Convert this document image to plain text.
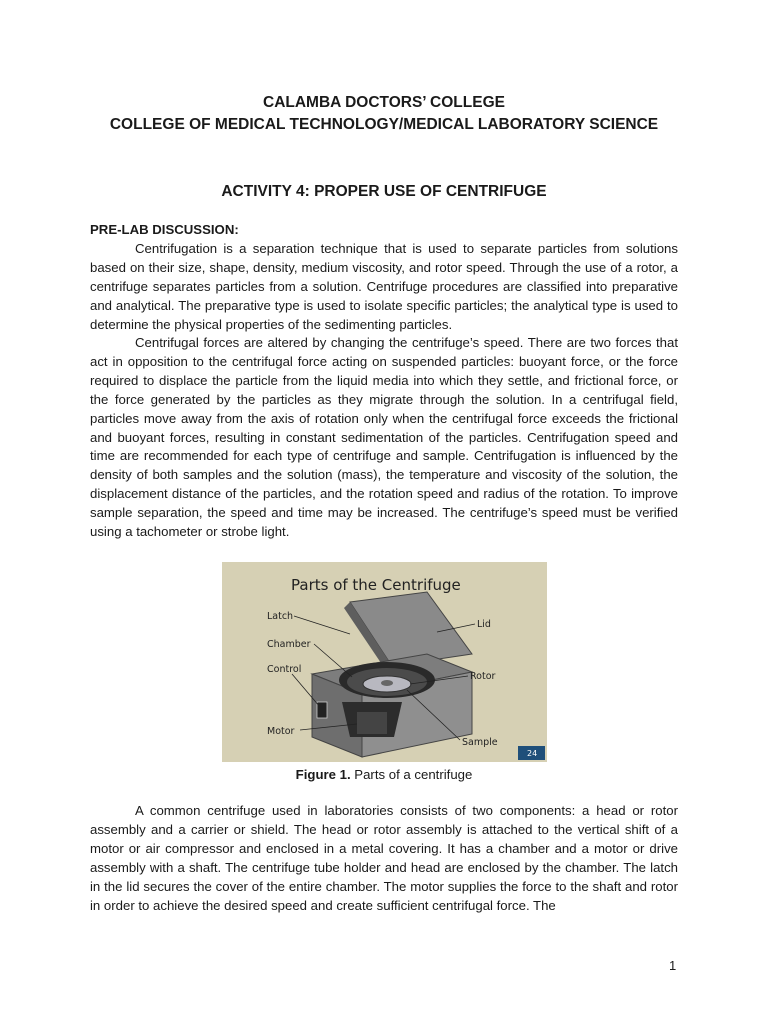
CALAMBA DOCTORS’ COLLEGE
COLLEGE OF MEDICAL TECHNOLOGY/MEDICAL LABORATORY SCIENCE
ACTIVITY 4: PROPER USE OF CENTRIFUGE
PRE-LAB DISCUSSION:

Centrifugation is a separation technique that is used to separate particles from solutions based on their size, shape, density, medium viscosity, and rotor speed. Through the use of a rotor, a centrifuge separates particles from a solution. Centrifuge procedures are classified into preparative and analytical. The preparative type is used to isolate specific particles; the analytical type is used to determine the physical properties of the sedimenting particles.

Centrifugal forces are altered by changing the centrifuge’s speed. There are two forces that act in opposition to the centrifugal force acting on suspended particles: buoyant force, or the force required to displace the particle from the liquid media into which they settle, and frictional force, or the force generated by the particles as they migrate through the solution. In a centrifugal field, particles move away from the axis of rotation only when the centrifugal force exceeds the frictional and buoyant forces, resulting in constant sedimentation of the particles. Centrifugation speed and time are recommended for each type of centrifuge and sample. Centrifugation is influenced by the density of both samples and the solution (mass), the temperature and viscosity of the solution, the displacement distance of the particles, and the rotation speed and radius of the rotation. To improve sample separation, the speed and time may be increased. The centrifuge’s speed must be verified using a tachometer or strobe light.

Parts of the Centrifuge
Latch
Chamber
Control
Motor
Lid
Rotor
Sample
24
Figure 1. Parts of a centrifuge

A common centrifuge used in laboratories consists of two components: a head or rotor assembly and a carrier or shield. The head or rotor assembly is attached to the vertical shift of a motor or air compressor and enclosed in a metal covering. It has a chamber and a motor or drive assembly with a shaft. The centrifuge tube holder and head are enclosed by the chamber. The latch in the lid secures the cover of the entire chamber. The motor supplies the force to the shaft and rotor in order to achieve the desired speed and create sufficient centrifugal force. The

1
